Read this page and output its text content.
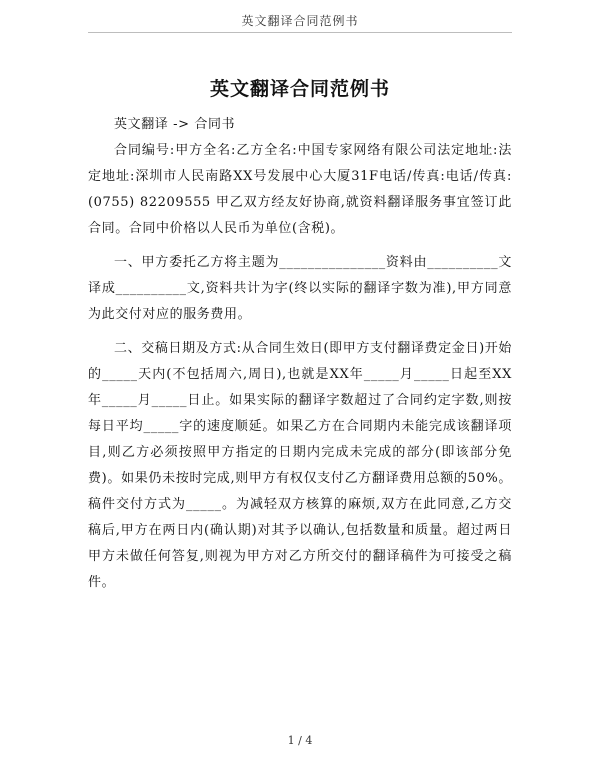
英文翻译合同范例书
英文翻译合同范例书

英文翻译 -> 合同书

合同编号:甲方全名:乙方全名:中国专家网络有限公司法定地址:法定地址:深圳市人民南路XX号发展中心大厦31F电话/传真:电话/传真:(0755) 82209555 甲乙双方经友好协商,就资料翻译服务事宜签订此合同。合同中价格以人民币为单位(含税)。

一、甲方委托乙方将主题为_______________资料由__________文译成__________文,资料共计为字(终以实际的翻译字数为准),甲方同意为此交付对应的服务费用。

二、交稿日期及方式:从合同生效日(即甲方支付翻译费定金日)开始的_____天内(不包括周六,周日),也就是XX年_____月_____日起至XX年_____月_____日止。如果实际的翻译字数超过了合同约定字数,则按每日平均_____字的速度顺延。如果乙方在合同期内未能完成该翻译项目,则乙方必须按照甲方指定的日期内完成未完成的部分(即该部分免费)。如果仍未按时完成,则甲方有权仅支付乙方翻译费用总额的50%。稿件交付方式为_____。为减轻双方核算的麻烦,双方在此同意,乙方交稿后,甲方在两日内(确认期)对其予以确认,包括数量和质量。超过两日甲方未做任何答复,则视为甲方对乙方所交付的翻译稿件为可接受之稿件。

1 / 4
